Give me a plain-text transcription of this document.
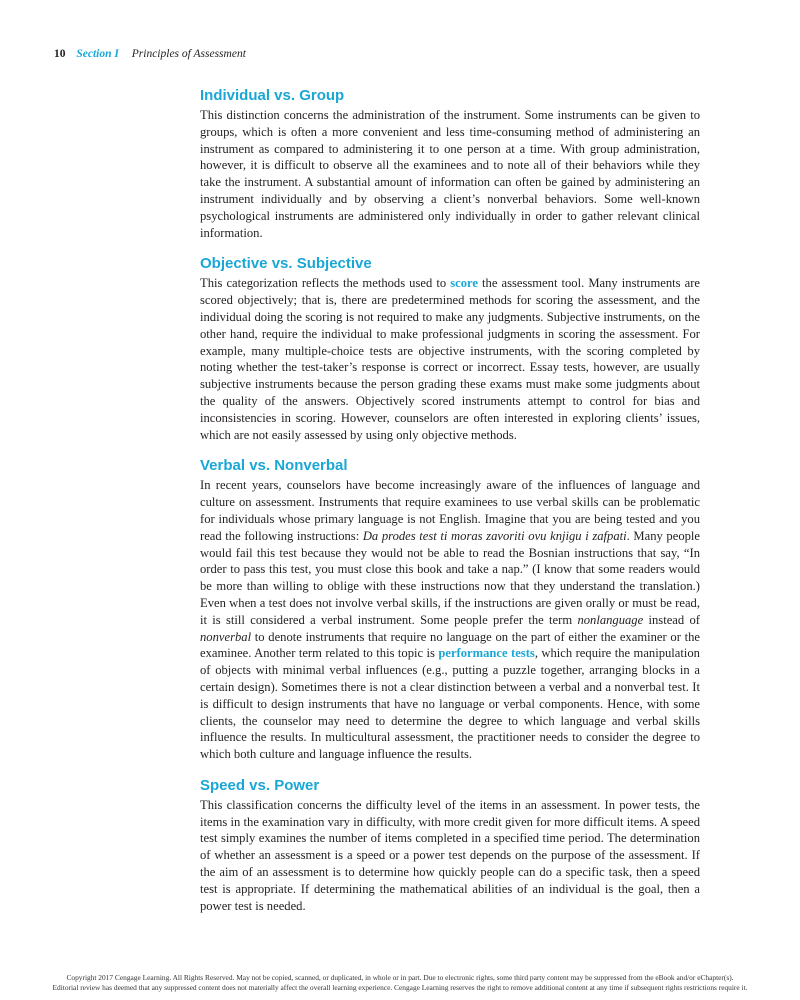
10 Section I Principles of Assessment
Individual vs. Group

This distinction concerns the administration of the instrument. Some instruments can be given to groups, which is often a more convenient and less time-consuming method of administering an instrument as compared to administering it to one person at a time. With group administration, however, it is difficult to observe all the examinees and to note all of their behaviors while they take the instrument. A substantial amount of information can often be gained by administering an instrument individually and by observing a client’s nonverbal behaviors. Some well-known psychological instruments are administered only individually in order to gather relevant clinical information.

Objective vs. Subjective

This categorization reflects the methods used to score the assessment tool. Many instruments are scored objectively; that is, there are predetermined methods for scoring the assessment, and the individual doing the scoring is not required to make any judgments. Subjective instruments, on the other hand, require the individual to make professional judgments in scoring the assessment. For example, many multiple-choice tests are objective instruments, with the scoring completed by noting whether the test-taker’s response is correct or incorrect. Essay tests, however, are usually subjective instruments because the person grading these exams must make some judgments about the quality of the answers. Objectively scored instruments attempt to control for bias and inconsistencies in scoring. However, counselors are often interested in exploring clients’ issues, which are not easily assessed by using only objective methods.

Verbal vs. Nonverbal

In recent years, counselors have become increasingly aware of the influences of language and culture on assessment. Instruments that require examinees to use verbal skills can be problematic for individuals whose primary language is not English. Imagine that you are being tested and you read the following instructions: Da prodes test ti moras zavoriti ovu knjigu i zafpati. Many people would fail this test because they would not be able to read the Bosnian instructions that say, “In order to pass this test, you must close this book and take a nap.” (I know that some readers would be more than willing to oblige with these instructions now that they understand the translation.) Even when a test does not involve verbal skills, if the instructions are given orally or must be read, it is still considered a verbal instrument. Some people prefer the term nonlanguage instead of nonverbal to denote instruments that require no language on the part of either the examiner or the examinee. Another term related to this topic is performance tests, which require the manipulation of objects with minimal verbal influences (e.g., putting a puzzle together, arranging blocks in a certain design). Sometimes there is not a clear distinction between a verbal and a nonverbal test. It is difficult to design instruments that have no language or verbal components. Hence, with some clients, the counselor may need to determine the degree to which language and verbal skills influence the results. In multicultural assessment, the practitioner needs to consider the degree to which both culture and language influence the results.

Speed vs. Power

This classification concerns the difficulty level of the items in an assessment. In power tests, the items in the examination vary in difficulty, with more credit given for more difficult items. A speed test simply examines the number of items completed in a specified time period. The determination of whether an assessment is a speed or a power test depends on the purpose of the assessment. If the aim of an assessment is to determine how quickly people can do a specific task, then a speed test is appropriate. If determining the mathematical abilities of an individual is the goal, then a power test is needed.

Copyright 2017 Cengage Learning. All Rights Reserved. May not be copied, scanned, or duplicated, in whole or in part. Due to electronic rights, some third party content may be suppressed from the eBook and/or eChapter(s).
Editorial review has deemed that any suppressed content does not materially affect the overall learning experience. Cengage Learning reserves the right to remove additional content at any time if subsequent rights restrictions require it.
